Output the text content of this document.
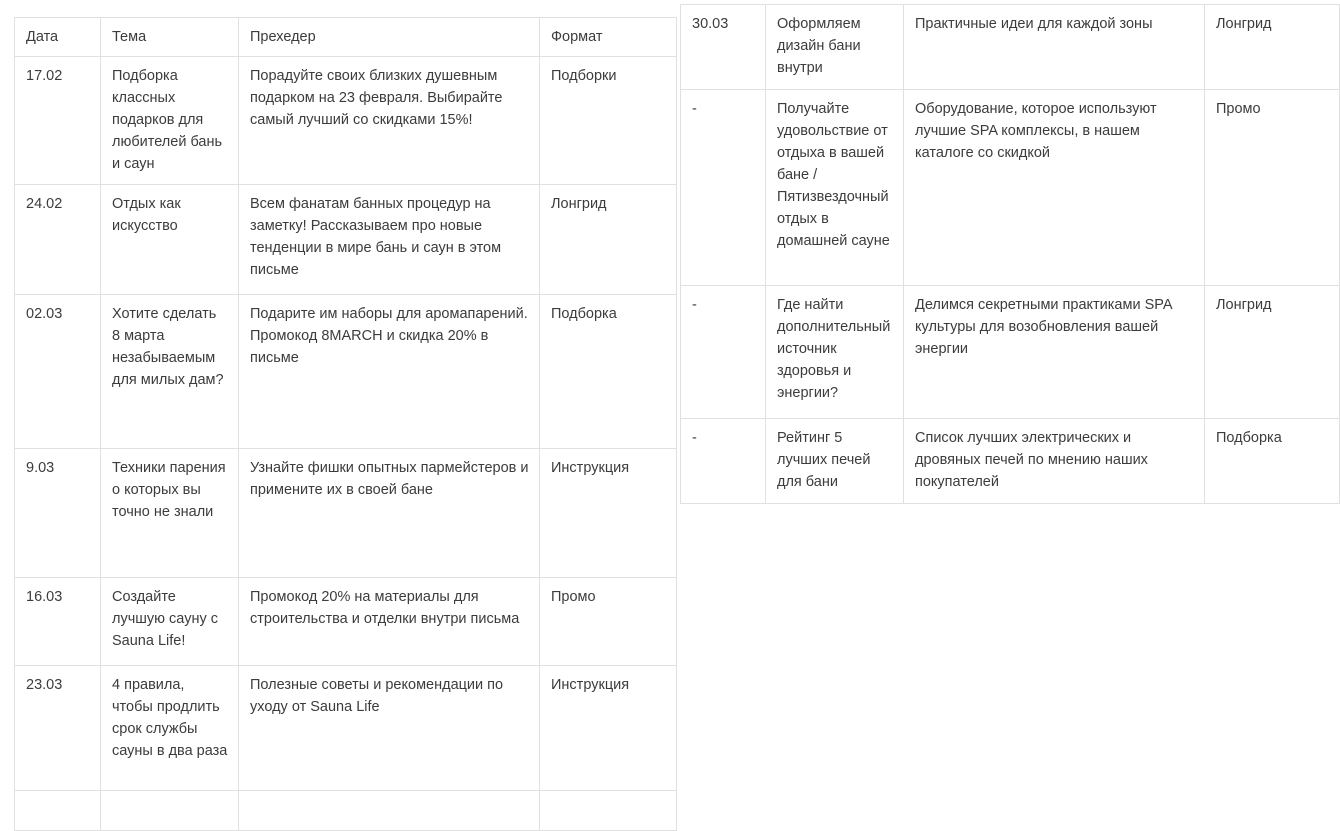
Дата	Тема	Прехедер	Формат
17.02	Подборка классных подарков для любителей бань и саун	Порадуйте своих близких душевным подарком на 23 февраля. Выбирайте самый лучший со скидками 15%!	Подборки
24.02	Отдых как искусство	Всем фанатам банных процедур на заметку! Рассказываем про новые тенденции в мире бань и саун в этом письме	Лонгрид
02.03	Хотите сделать 8 марта незабываемым для милых дам?	Подарите им наборы для аромапарений. Промокод 8MARCH и скидка 20% в письме	Подборка
9.03	Техники парения о которых вы точно не знали	Узнайте фишки опытных пармейстеров и примените их в своей бане	Инструкция
16.03	Создайте лучшую сауну с Sauna Life!	Промокод 20% на материалы для строительства и отделки внутри письма	Промо
23.03	4 правила, чтобы продлить срок службы сауны в два раза	Полезные советы и рекомендации по уходу от Sauna Life	Инструкция

30.03	Оформляем дизайн бани внутри	Практичные идеи для каждой зоны	Лонгрид
-	Получайте удовольствие от отдыха в вашей бане / Пятизвездочный отдых в домашней сауне	Оборудование, которое используют лучшие SPA комплексы, в нашем каталоге со скидкой	Промо
-	Где найти дополнительный источник здоровья и энергии?	Делимся секретными практиками SPA культуры для возобновления вашей энергии	Лонгрид
-	Рейтинг 5 лучших печей для бани	Список лучших электрических и дровяных печей по мнению наших покупателей	Подборка
